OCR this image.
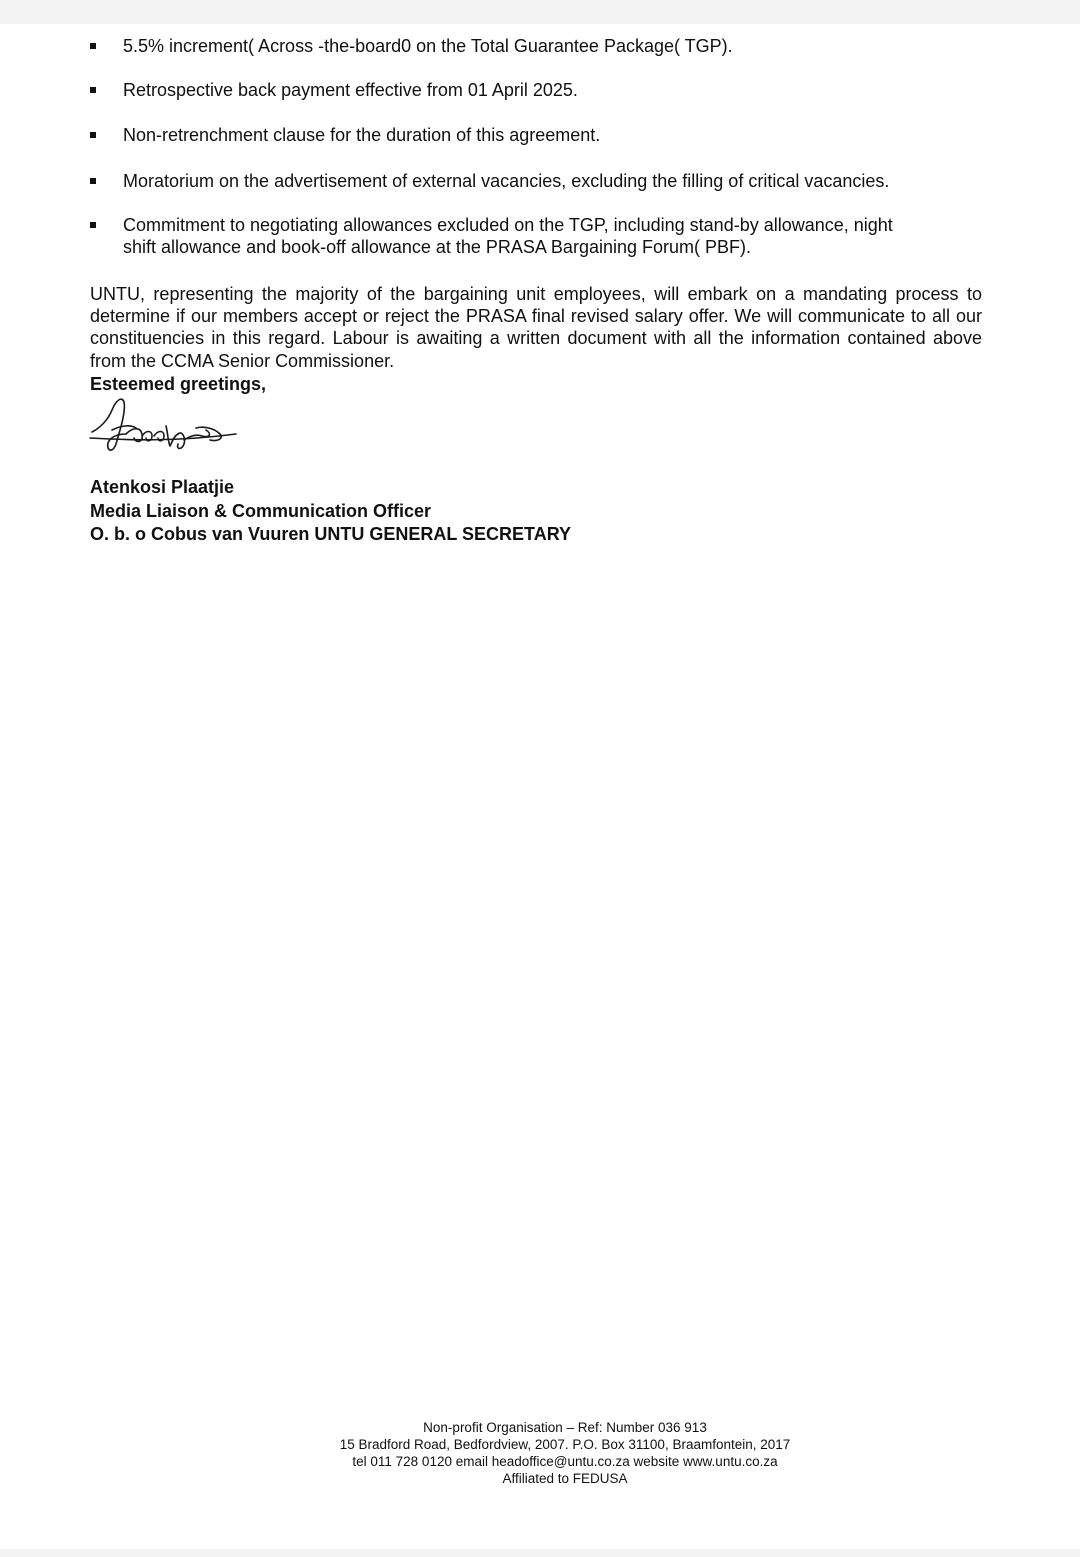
5.5% increment( Across -the-board0 on the Total Guarantee Package( TGP).
Retrospective back payment effective from 01 April 2025.
Non-retrenchment clause for the duration of this agreement.
Moratorium on the advertisement of external vacancies, excluding the filling of critical vacancies.
Commitment to negotiating allowances excluded on the TGP, including stand-by allowance, night
shift allowance and book-off allowance at the PRASA Bargaining Forum( PBF).

UNTU, representing the majority of the bargaining unit employees, will embark on a mandating process to determine if our members accept or reject the PRASA final revised salary offer. We will communicate to all our constituencies in this regard. Labour is awaiting a written document with all the information contained above from the CCMA Senior Commissioner.

Esteemed greetings,

Atenkosi Plaatjie
Media Liaison & Communication Officer
O. b. o Cobus van Vuuren UNTU GENERAL SECRETARY
Non-profit Organisation – Ref: Number 036 913
15 Bradford Road, Bedfordview, 2007. P.O. Box 31100, Braamfontein, 2017
tel 011 728 0120 email headoffice@untu.co.za website www.untu.co.za
Affiliated to FEDUSA
